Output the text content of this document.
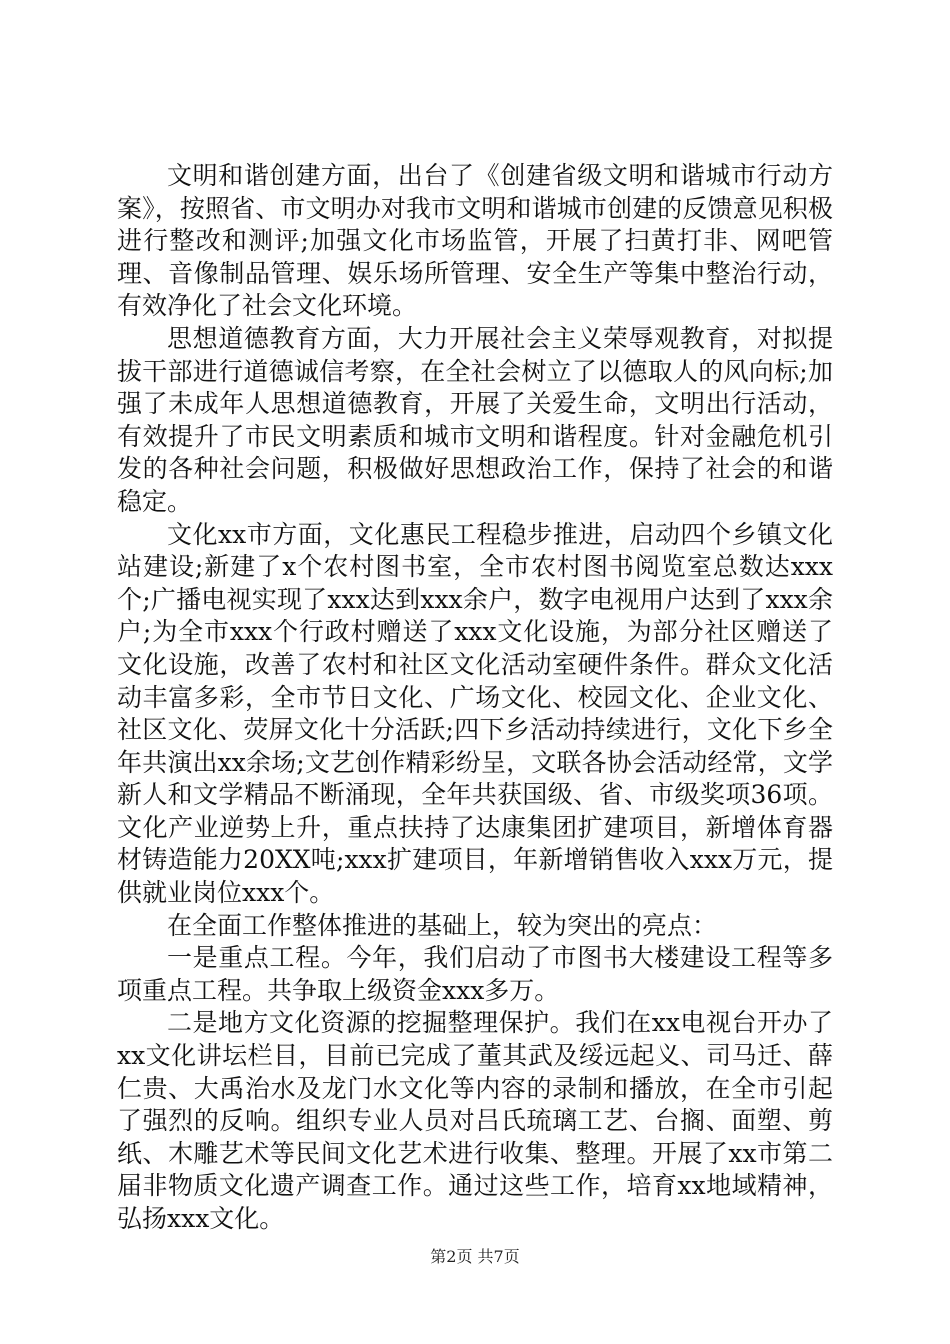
文明和谐创建方面，出台了《创建省级文明和谐城市行动方案》，按照省、市文明办对我市文明和谐城市创建的反馈意见积极进行整改和测评;加强文化市场监管，开展了扫黄打非、网吧管理、音像制品管理、娱乐场所管理、安全生产等集中整治行动，有效净化了社会文化环境。

思想道德教育方面，大力开展社会主义荣辱观教育，对拟提拔干部进行道德诚信考察，在全社会树立了以德取人的风向标;加强了未成年人思想道德教育，开展了关爱生命，文明出行活动，有效提升了市民文明素质和城市文明和谐程度。针对金融危机引发的各种社会问题，积极做好思想政治工作，保持了社会的和谐稳定。

文化xx市方面，文化惠民工程稳步推进，启动四个乡镇文化站建设;新建了x个农村图书室，全市农村图书阅览室总数达xxx个;广播电视实现了xxx达到xxx余户，数字电视用户达到了xxx余户;为全市xxx个行政村赠送了xxx文化设施，为部分社区赠送了文化设施，改善了农村和社区文化活动室硬件条件。群众文化活动丰富多彩，全市节日文化、广场文化、校园文化、企业文化、社区文化、荧屏文化十分活跃;四下乡活动持续进行，文化下乡全年共演出xx余场;文艺创作精彩纷呈，文联各协会活动经常，文学新人和文学精品不断涌现，全年共获国级、省、市级奖项36项。文化产业逆势上升，重点扶持了达康集团扩建项目，新增体育器材铸造能力20XX吨;xxx扩建项目，年新增销售收入xxx万元，提供就业岗位xxx个。

在全面工作整体推进的基础上，较为突出的亮点：

一是重点工程。今年，我们启动了市图书大楼建设工程等多项重点工程。共争取上级资金xxx多万。

二是地方文化资源的挖掘整理保护。我们在xx电视台开办了xx文化讲坛栏目，目前已完成了董其武及绥远起义、司马迁、薛仁贵、大禹治水及龙门水文化等内容的录制和播放，在全市引起了强烈的反响。组织专业人员对吕氏琉璃工艺、台搁、面塑、剪纸、木雕艺术等民间文化艺术进行收集、整理。开展了xx市第二届非物质文化遗产调查工作。通过这些工作，培育xx地域精神，弘扬xxx文化。

第2页 共7页
